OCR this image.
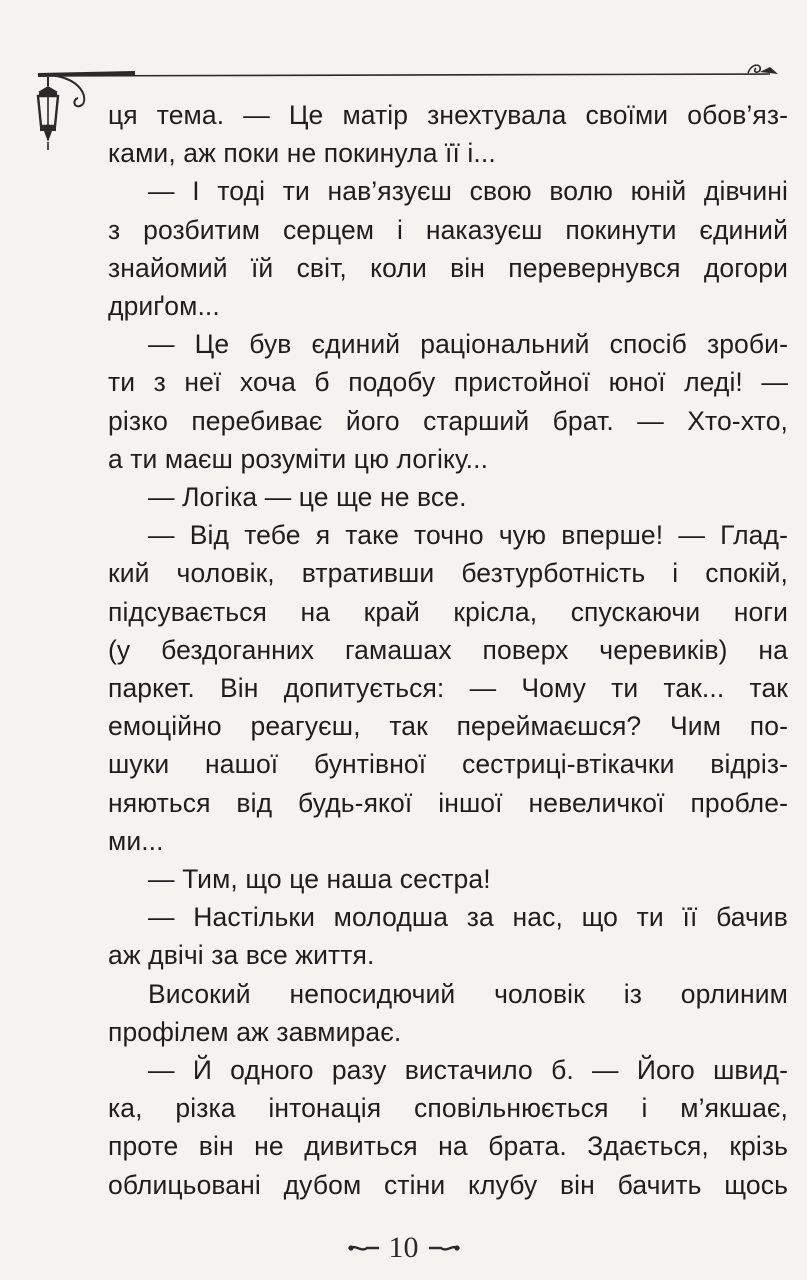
ця тема. — Це матір знехтувала своїми обов’яз-
ками, аж поки не покинула її і...
— І тоді ти нав’язуєш свою волю юній дівчині
з розбитим серцем і наказуєш покинути єдиний
знайомий їй світ, коли він перевернувся догори
дриґом...
— Це був єдиний раціональний спосіб зроби-
ти з неї хоча б подобу пристойної юної леді! —
різко перебиває його старший брат. — Хто-хто,
а ти маєш розуміти цю логіку...
— Логіка — це ще не все.
— Від тебе я таке точно чую вперше! — Глад-
кий чоловік, втративши безтурботність і спокій,
підсувається на край крісла, спускаючи ноги
(у бездоганних гамашах поверх черевиків) на
паркет. Він допитується: — Чому ти так... так
емоційно реагуєш, так переймаєшся? Чим по-
шуки нашої бунтівної сестриці-втікачки відріз-
няються від будь-якої іншої невеличкої пробле-
ми...
— Тим, що це наша сестра!
— Настільки молодша за нас, що ти її бачив
аж двічі за все життя.
Високий непосидючий чоловік із орлиним
профілем аж завмирає.
— Й одного разу вистачило б. — Його швид-
ка, різка інтонація сповільнюється і м’якшає,
проте він не дивиться на брата. Здається, крізь
облицьовані дубом стіни клубу він бачить щось
10
